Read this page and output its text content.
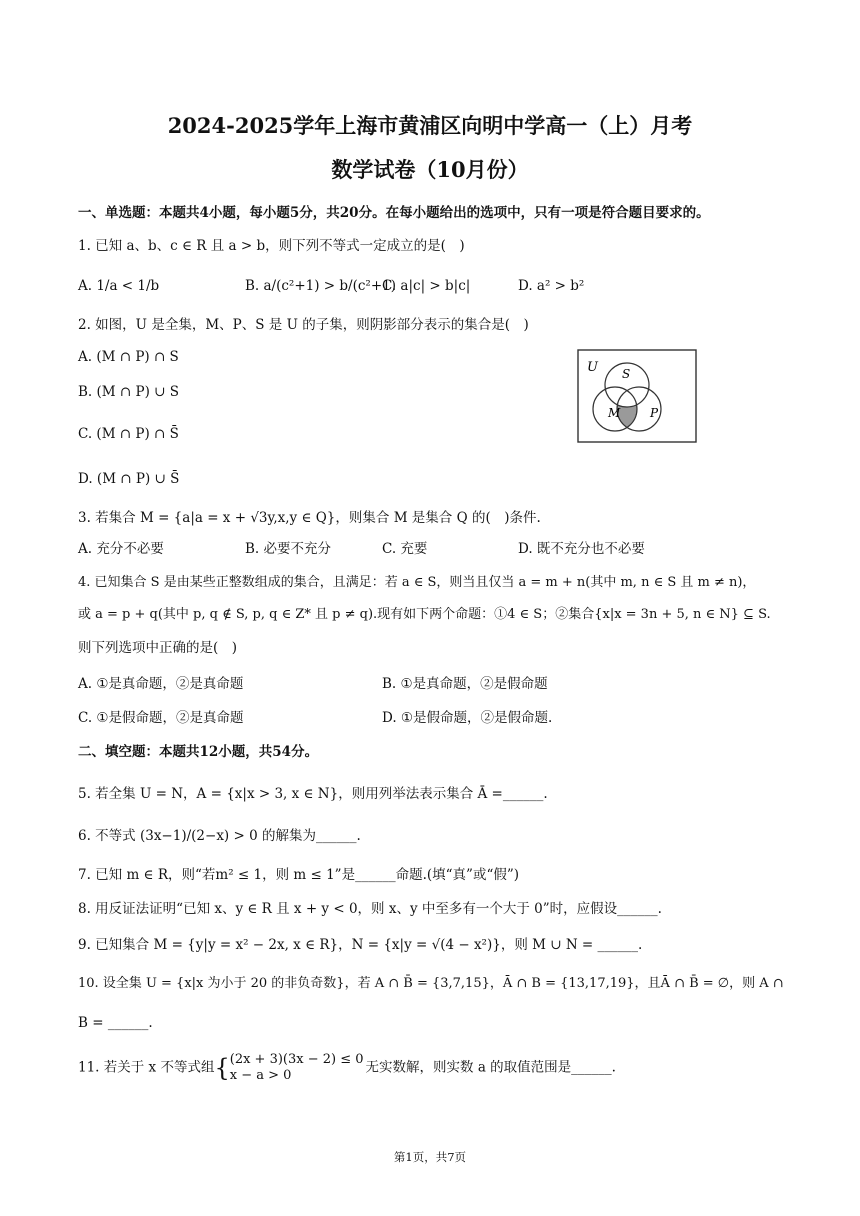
2024-2025学年上海市黄浦区向明中学高一（上）月考
数学试卷（10月份）
一、单选题：本题共4小题，每小题5分，共20分。在每小题给出的选项中，只有一项是符合题目要求的。
1. 已知 a、b、c ∈ R 且 a > b，则下列不等式一定成立的是(　)
A. 1/a < 1/b	B. a/(c²+1) > b/(c²+1)
C. a|c| > b|c|	D. a² > b²
2. 如图，U 是全集，M、P、S 是 U 的子集，则阴影部分表示的集合是(　)
A. (M ∩ P) ∩ S
B. (M ∩ P) ∪ S
C. (M ∩ P) ∩ S̄
D. (M ∩ P) ∪ S̄
U S
M P
3. 若集合 M = {a|a = x + √3y,x,y ∈ Q}，则集合 M 是集合 Q 的(　)条件.
A. 充分不必要	B. 必要不充分	C. 充要	D. 既不充分也不必要
4. 已知集合 S 是由某些正整数组成的集合，且满足：若 a ∈ S，则当且仅当 a = m + n(其中 m, n ∈ S 且 m ≠ n)，
或 a = p + q(其中 p, q ∉ S, p, q ∈ Z* 且 p ≠ q).现有如下两个命题：①4 ∈ S；②集合{x|x = 3n + 5, n ∈ N} ⊆ S.
则下列选项中正确的是(　)
A. ①是真命题，②是真命题	B. ①是真命题，②是假命题
C. ①是假命题，②是真命题	D. ①是假命题，②是假命题.
二、填空题：本题共12小题，共54分。
5. 若全集 U = N，A = {x|x > 3, x ∈ N}，则用列举法表示集合 Ā =______.
6. 不等式 (3x−1)/(2−x) > 0 的解集为______.
7. 已知 m ∈ R，则“若m² ≤ 1，则 m ≤ 1”是______命题.(填“真”或“假”)
8. 用反证法证明“已知 x、y ∈ R 且 x + y < 0，则 x、y 中至多有一个大于 0”时，应假设______.
9. 已知集合 M = {y|y = x² − 2x, x ∈ R}，N = {x|y = √(4 − x²)}，则 M ∪ N = ______.
10. 设全集 U = {x|x 为小于 20 的非负奇数}，若 A ∩ B̄ = {3,7,15}，Ā ∩ B = {13,17,19}，且Ā ∩ B̄ = ∅，则 A ∩
B = ______.
11. 若关于 x 不等式组{ (2x + 3)(3x − 2) ≤ 0
x − a > 0	无实数解，则实数 a 的取值范围是______.
第1页，共7页
